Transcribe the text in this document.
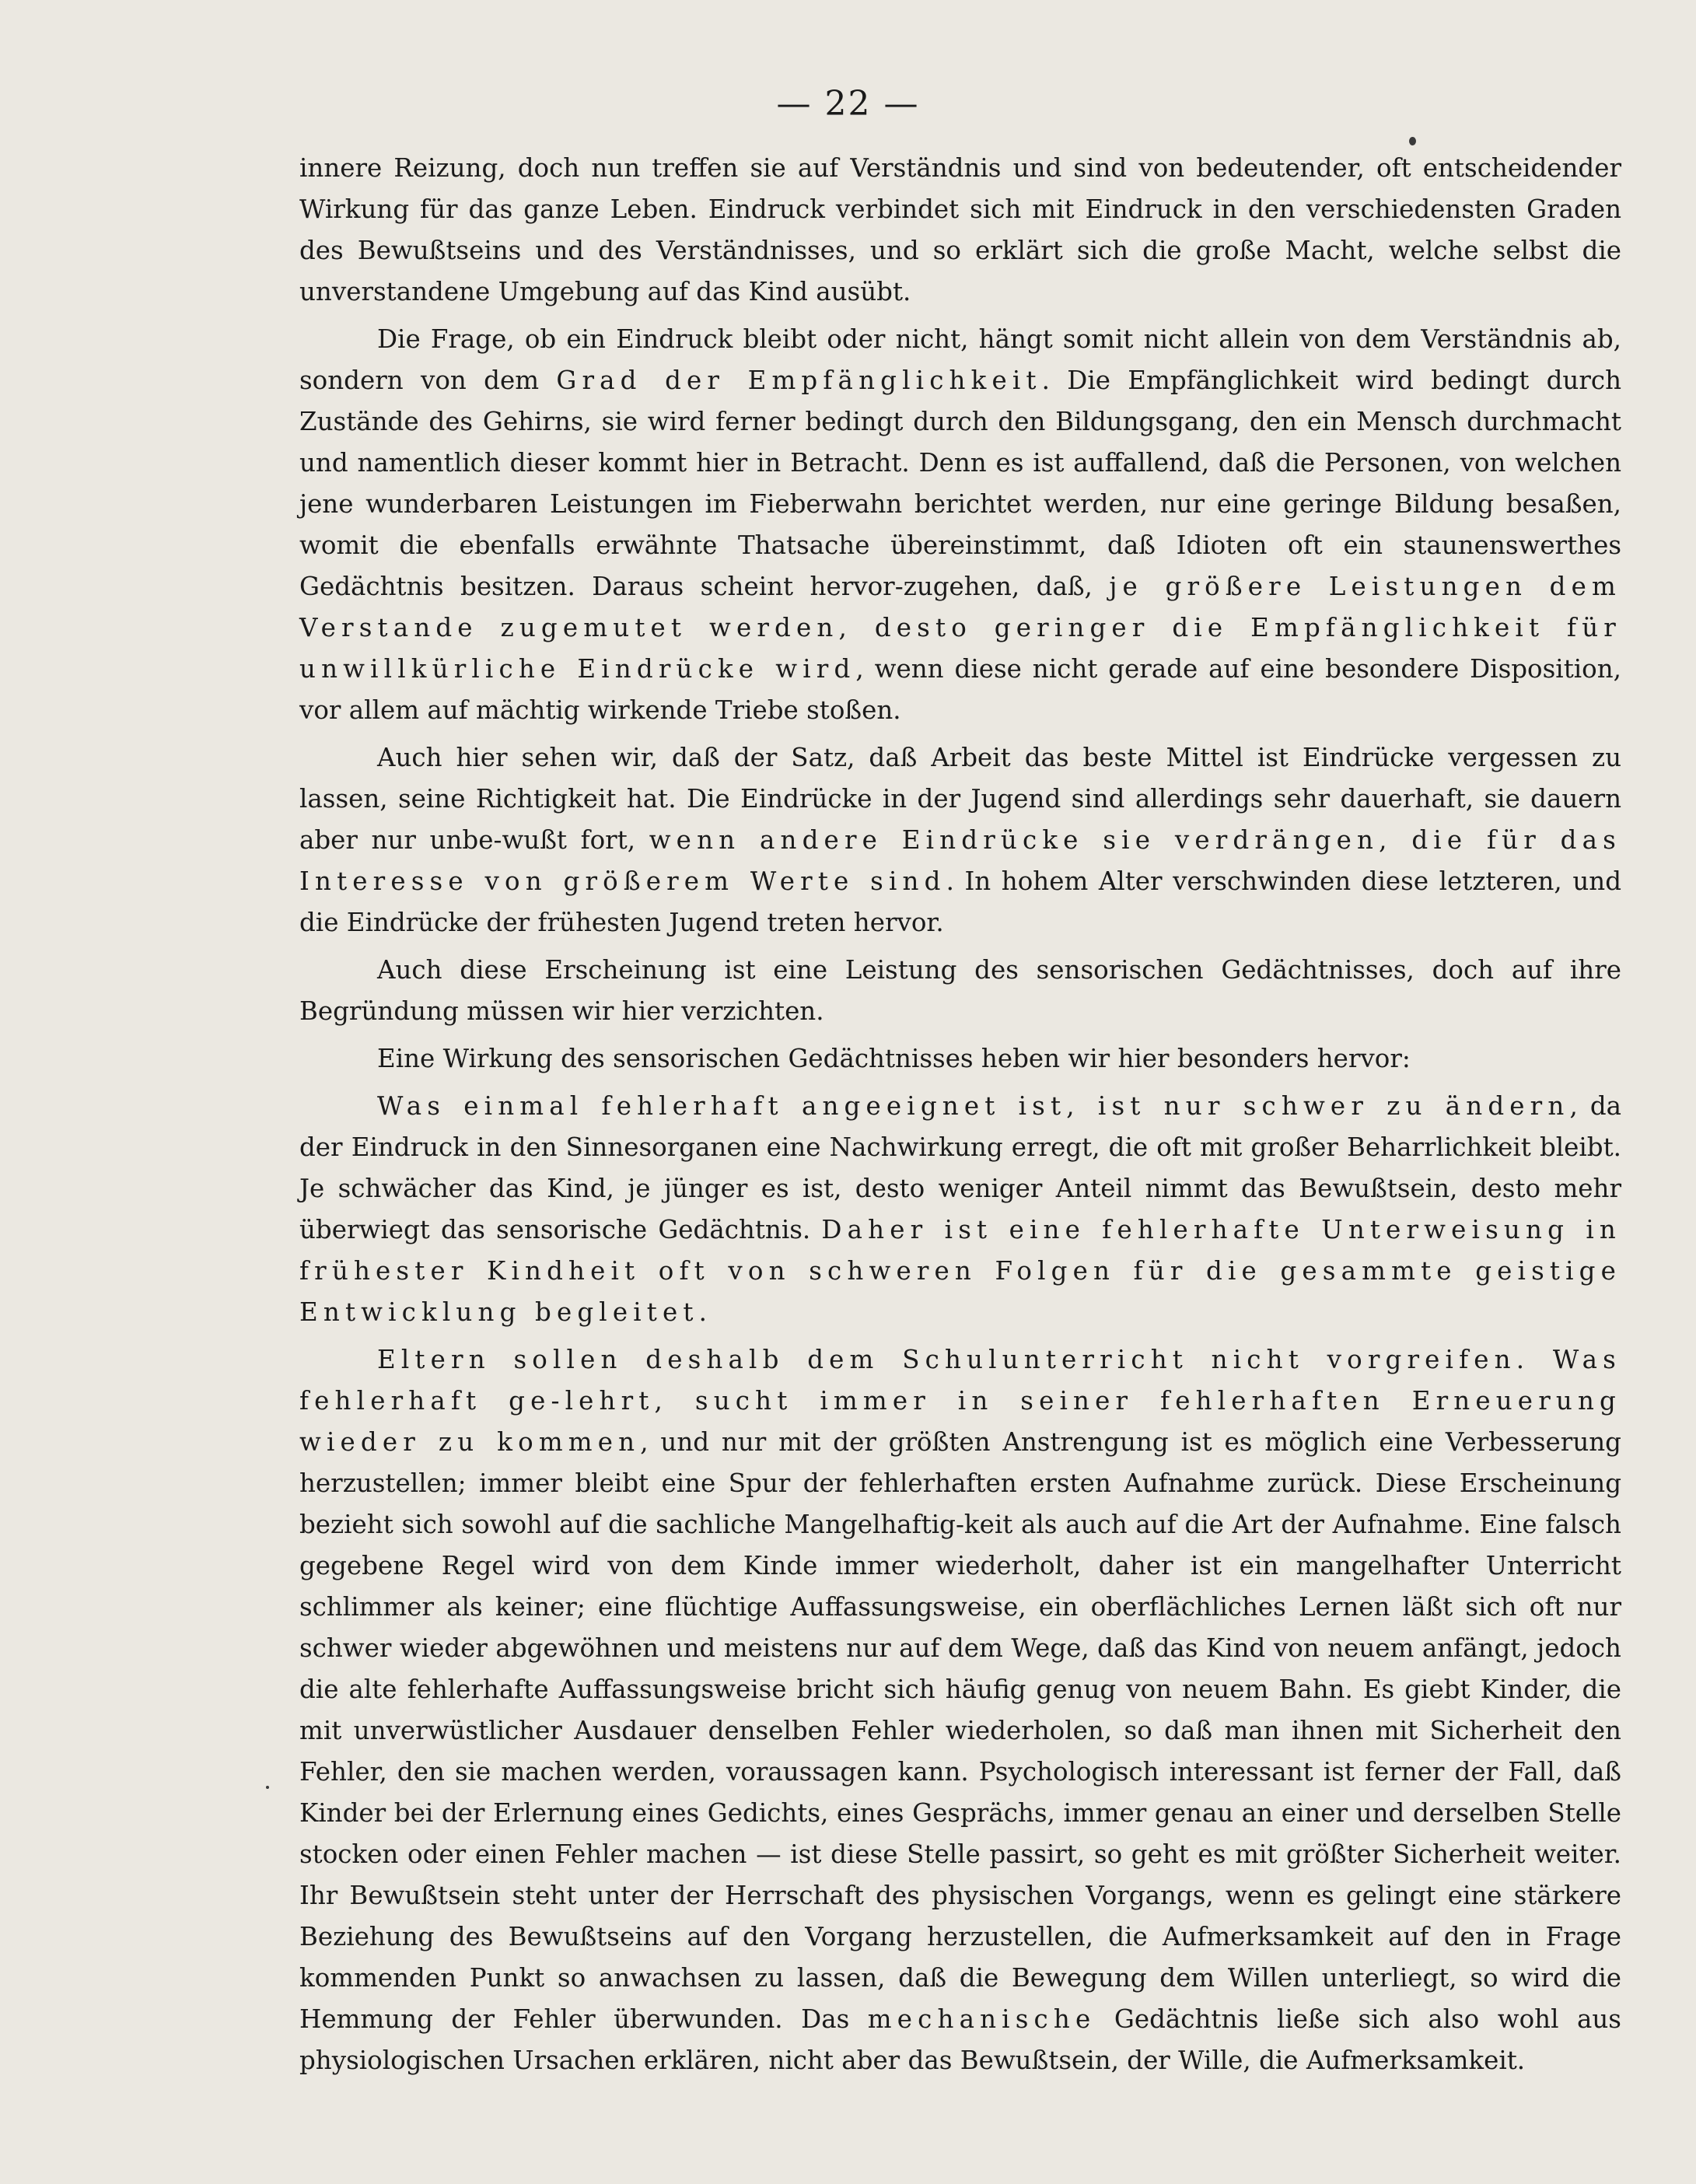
— 22 —

innere Reizung, doch nun treffen sie auf Verständnis und sind von bedeutender, oft entscheidender Wirkung für das ganze Leben. Eindruck verbindet sich mit Eindruck in den verschiedensten Graden des Bewußtseins und des Verständnisses, und so erklärt sich die große Macht, welche selbst die unverstandene Umgebung auf das Kind ausübt.

Die Frage, ob ein Eindruck bleibt oder nicht, hängt somit nicht allein von dem Verständnis ab, sondern von dem Grad der Empfänglichkeit. Die Empfänglichkeit wird bedingt durch Zustände des Gehirns, sie wird ferner bedingt durch den Bildungsgang, den ein Mensch durchmacht und namentlich dieser kommt hier in Betracht. Denn es ist auffallend, daß die Personen, von welchen jene wunderbaren Leistungen im Fieberwahn berichtet werden, nur eine geringe Bildung besaßen, womit die ebenfalls erwähnte Thatsache übereinstimmt, daß Idioten oft ein staunenswerthes Gedächtnis besitzen. Daraus scheint hervor-zugehen, daß, je größere Leistungen dem Verstande zugemutet werden, desto geringer die Empfänglichkeit für unwillkürliche Eindrücke wird, wenn diese nicht gerade auf eine besondere Disposition, vor allem auf mächtig wirkende Triebe stoßen.

Auch hier sehen wir, daß der Satz, daß Arbeit das beste Mittel ist Eindrücke vergessen zu lassen, seine Richtigkeit hat. Die Eindrücke in der Jugend sind allerdings sehr dauerhaft, sie dauern aber nur unbe-wußt fort, wenn andere Eindrücke sie verdrängen, die für das Interesse von größerem Werte sind. In hohem Alter verschwinden diese letzteren, und die Eindrücke der frühesten Jugend treten hervor.

Auch diese Erscheinung ist eine Leistung des sensorischen Gedächtnisses, doch auf ihre Begründung müssen wir hier verzichten.

Eine Wirkung des sensorischen Gedächtnisses heben wir hier besonders hervor:

Was einmal fehlerhaft angeeignet ist, ist nur schwer zu ändern, da der Eindruck in den Sinnesorganen eine Nachwirkung erregt, die oft mit großer Beharrlichkeit bleibt. Je schwächer das Kind, je jünger es ist, desto weniger Anteil nimmt das Bewußtsein, desto mehr überwiegt das sensorische Gedächtnis. Daher ist eine fehlerhafte Unterweisung in frühester Kindheit oft von schweren Folgen für die gesammte geistige Entwicklung begleitet.

Eltern sollen deshalb dem Schulunterricht nicht vorgreifen. Was fehlerhaft ge-lehrt, sucht immer in seiner fehlerhaften Erneuerung wieder zu kommen, und nur mit der größten Anstrengung ist es möglich eine Verbesserung herzustellen; immer bleibt eine Spur der fehlerhaften ersten Aufnahme zurück. Diese Erscheinung bezieht sich sowohl auf die sachliche Mangelhaftig-keit als auch auf die Art der Aufnahme. Eine falsch gegebene Regel wird von dem Kinde immer wiederholt, daher ist ein mangelhafter Unterricht schlimmer als keiner; eine flüchtige Auffassungsweise, ein oberflächliches Lernen läßt sich oft nur schwer wieder abgewöhnen und meistens nur auf dem Wege, daß das Kind von neuem anfängt, jedoch die alte fehlerhafte Auffassungsweise bricht sich häufig genug von neuem Bahn. Es giebt Kinder, die mit unverwüstlicher Ausdauer denselben Fehler wiederholen, so daß man ihnen mit Sicherheit den Fehler, den sie machen werden, voraussagen kann. Psychologisch interessant ist ferner der Fall, daß Kinder bei der Erlernung eines Gedichts, eines Gesprächs, immer genau an einer und derselben Stelle stocken oder einen Fehler machen — ist diese Stelle passirt, so geht es mit größter Sicherheit weiter. Ihr Bewußtsein steht unter der Herrschaft des physischen Vorgangs, wenn es gelingt eine stärkere Beziehung des Bewußtseins auf den Vorgang herzustellen, die Aufmerksamkeit auf den in Frage kommenden Punkt so anwachsen zu lassen, daß die Bewegung dem Willen unterliegt, so wird die Hemmung der Fehler überwunden. Das mechanische Gedächtnis ließe sich also wohl aus physiologischen Ursachen erklären, nicht aber das Bewußtsein, der Wille, die Aufmerksamkeit.
